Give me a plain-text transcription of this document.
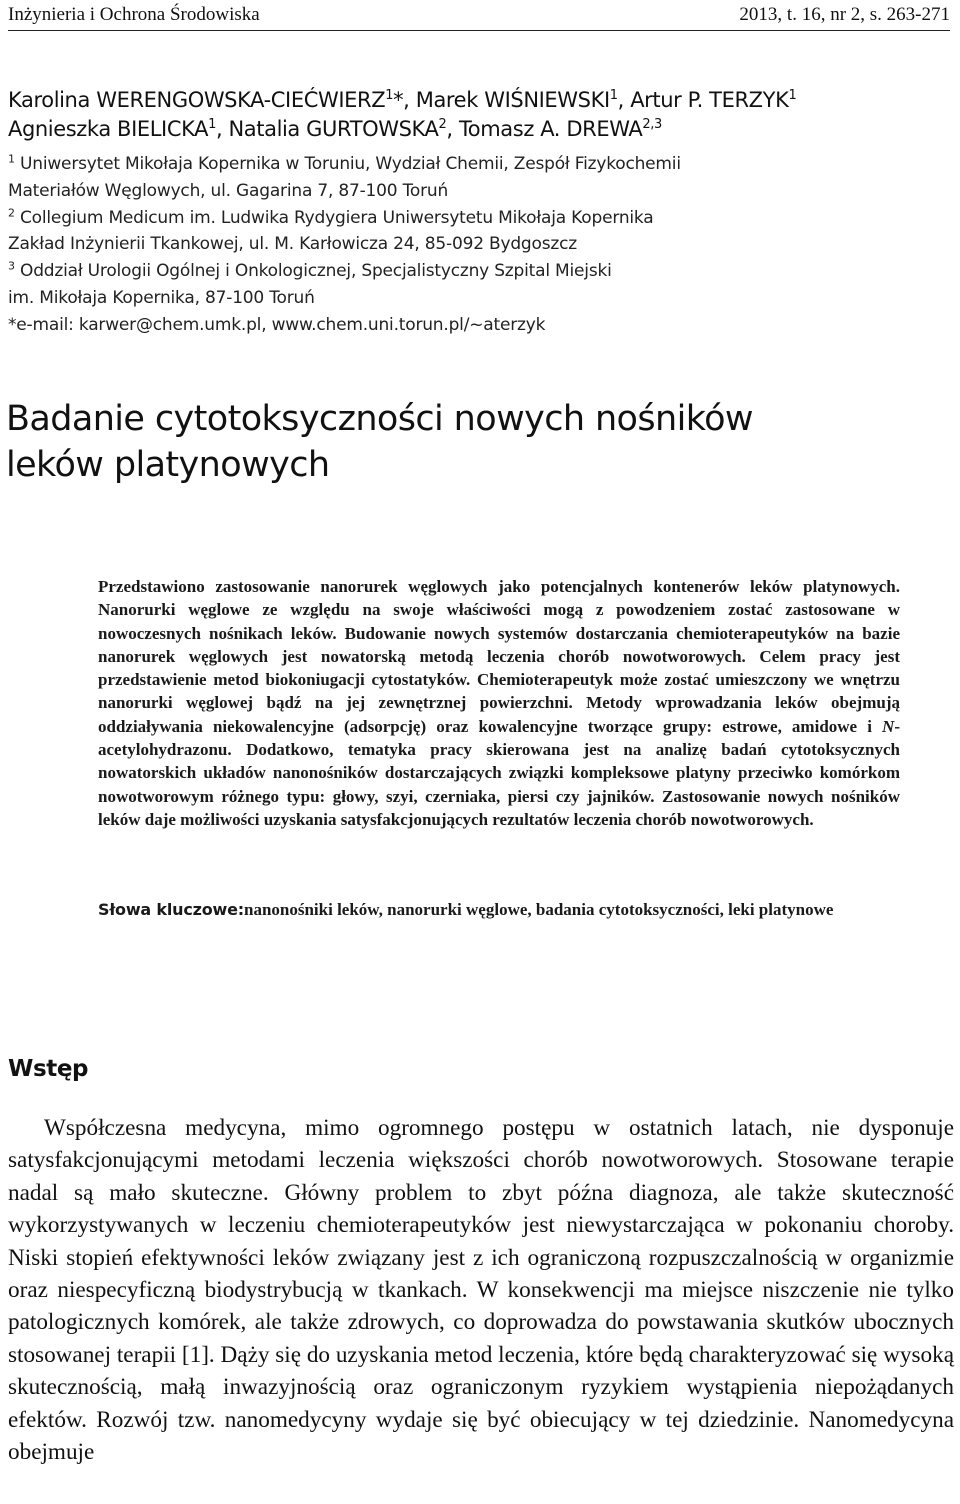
Inżynieria i Ochrona Środowiska	2013, t. 16, nr 2, s. 263-271
Karolina WERENGOWSKA-CIEĆWIERZ$^1$*, Marek WIŚNIEWSKI$^1$, Artur P. TERZYK$^1$
Agnieszka BIELICKA$^1$, Natalia GURTOWSKA$^2$, Tomasz A. DREWA$^{2,3}$
$^1$ Uniwersytet Mikołaja Kopernika w Toruniu, Wydział Chemii, Zespół Fizykochemii
Materiałów Węglowych, ul. Gagarina 7, 87-100 Toruń
$^2$ Collegium Medicum im. Ludwika Rydygiera Uniwersytetu Mikołaja Kopernika
Zakład Inżynierii Tkankowej, ul. M. Karłowicza 24, 85-092 Bydgoszcz
$^3$ Oddział Urologii Ogólnej i Onkologicznej, Specjalistyczny Szpital Miejski
im. Mikołaja Kopernika, 87-100 Toruń
*e-mail: karwer@chem.umk.pl, www.chem.uni.torun.pl/~aterzyk
Badanie cytotoksyczności nowych nośników
leków platynowych
Przedstawiono zastosowanie nanorurek węglowych jako potencjalnych kontenerów leków platynowych. Nanorurki węglowe ze względu na swoje właściwości mogą z powodzeniem zostać zastosowane w nowoczesnych nośnikach leków. Budowanie nowych systemów dostarczania chemioterapeutyków na bazie nanorurek węglowych jest nowatorską metodą leczenia chorób nowotworowych. Celem pracy jest przedstawienie metod biokoniugacji cytostatyków. Chemioterapeutyk może zostać umieszczony we wnętrzu nanorurki węglowej bądź na jej zewnętrznej powierzchni. Metody wprowadzania leków obejmują oddziaływania niekowalencyjne (adsorpcję) oraz kowalencyjne tworzące grupy: estrowe, amidowe i N-acetylohydrazonu. Dodatkowo, tematyka pracy skierowana jest na analizę badań cytotoksycznych nowatorskich układów nanonośników dostarczających związki kompleksowe platyny przeciwko komórkom nowotworowym różnego typu: głowy, szyi, czerniaka, piersi czy jajników. Zastosowanie nowych nośników leków daje możliwości uzyskania satysfakcjonujących rezultatów leczenia chorób nowotworowych.
Słowa kluczowe: nanonośniki leków, nanorurki węglowe, badania cytotoksyczności, leki platynowe
Wstęp
Współczesna medycyna, mimo ogromnego postępu w ostatnich latach, nie dysponuje satysfakcjonującymi metodami leczenia większości chorób nowotworowych. Stosowane terapie nadal są mało skuteczne. Główny problem to zbyt późna diagnoza, ale także skuteczność wykorzystywanych w leczeniu chemioterapeutyków jest niewystarczająca w pokonaniu choroby. Niski stopień efektywności leków związany jest z ich ograniczoną rozpuszczalnością w organizmie oraz niespecyficzną biodystrybucją w tkankach. W konsekwencji ma miejsce niszczenie nie tylko patologicznych komórek, ale także zdrowych, co doprowadza do powstawania skutków ubocznych stosowanej terapii [1]. Dąży się do uzyskania metod leczenia, które będą charakteryzować się wysoką skutecznością, małą inwazyjnością oraz ograniczonym ryzykiem wystąpienia niepożądanych efektów. Rozwój tzw. nanomedycyny wydaje się być obiecujący w tej dziedzinie. Nanomedycyna obejmuje
